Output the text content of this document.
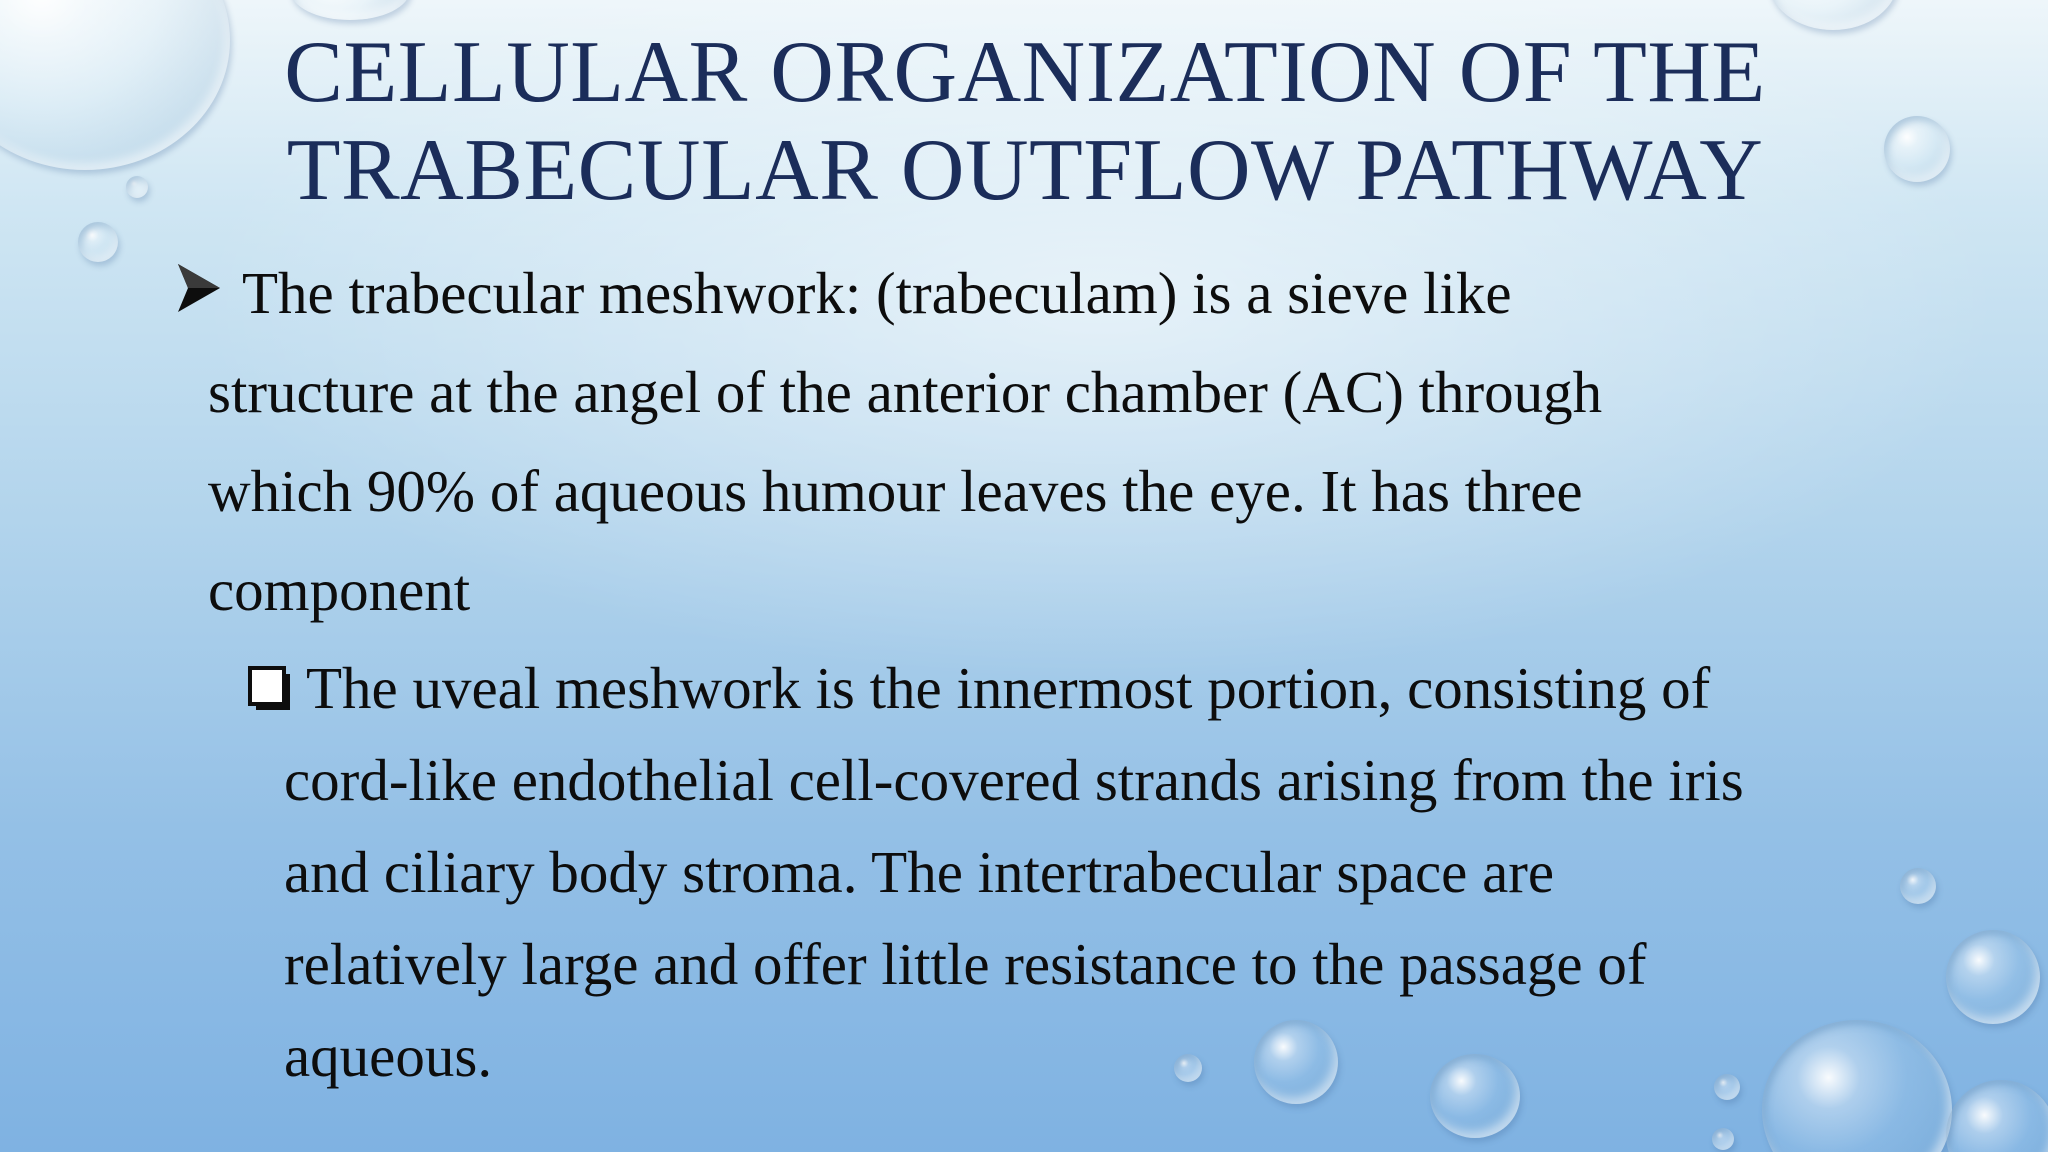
CELLULAR ORGANIZATION OF THE
TRABECULAR OUTFLOW PATHWAY
The trabecular meshwork: (trabeculam) is a sieve like
structure at the angel of the anterior chamber (AC) through
which 90% of aqueous humour leaves the eye. It has three
component
The uveal meshwork is the innermost portion, consisting of
cord-like endothelial cell-covered strands arising from the iris
and ciliary body stroma. The intertrabecular space are
relatively large and offer little resistance to the passage of
aqueous.
